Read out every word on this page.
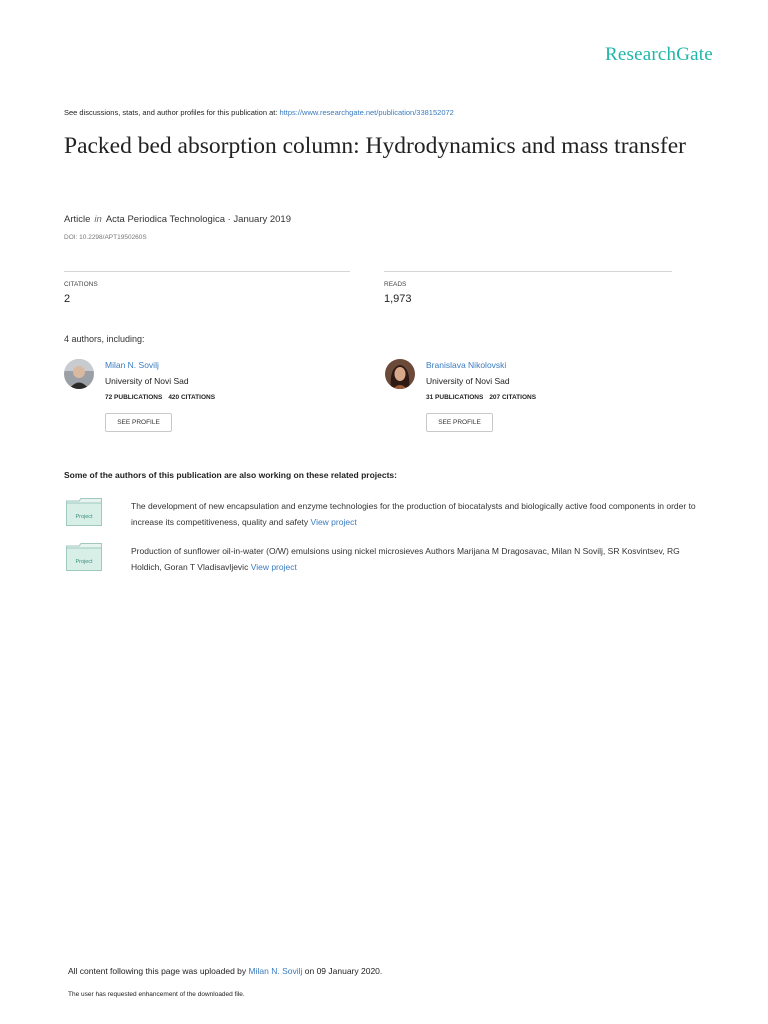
ResearchGate
See discussions, stats, and author profiles for this publication at: https://www.researchgate.net/publication/338152072
Packed bed absorption column: Hydrodynamics and mass transfer
Article in Acta Periodica Technologica · January 2019
DOI: 10.2298/APT1950260S
CITATIONS
2
READS
1,973
4 authors, including:
Milan N. Sovilj
University of Novi Sad
72 PUBLICATIONS 420 CITATIONS
SEE PROFILE
Branislava Nikolovski
University of Novi Sad
31 PUBLICATIONS 207 CITATIONS
SEE PROFILE
Some of the authors of this publication are also working on these related projects:
Project
The development of new encapsulation and enzyme technologies for the production of biocatalysts and biologically active food components in order to increase its competitiveness, quality and safety View project
Project
Production of sunflower oil-in-water (O/W) emulsions using nickel microsieves Authors Marijana M Dragosavac, Milan N Sovilj, SR Kosvintsev, RG Holdich, Goran T Vladisavljevic View project
All content following this page was uploaded by Milan N. Sovilj on 09 January 2020.
The user has requested enhancement of the downloaded file.
